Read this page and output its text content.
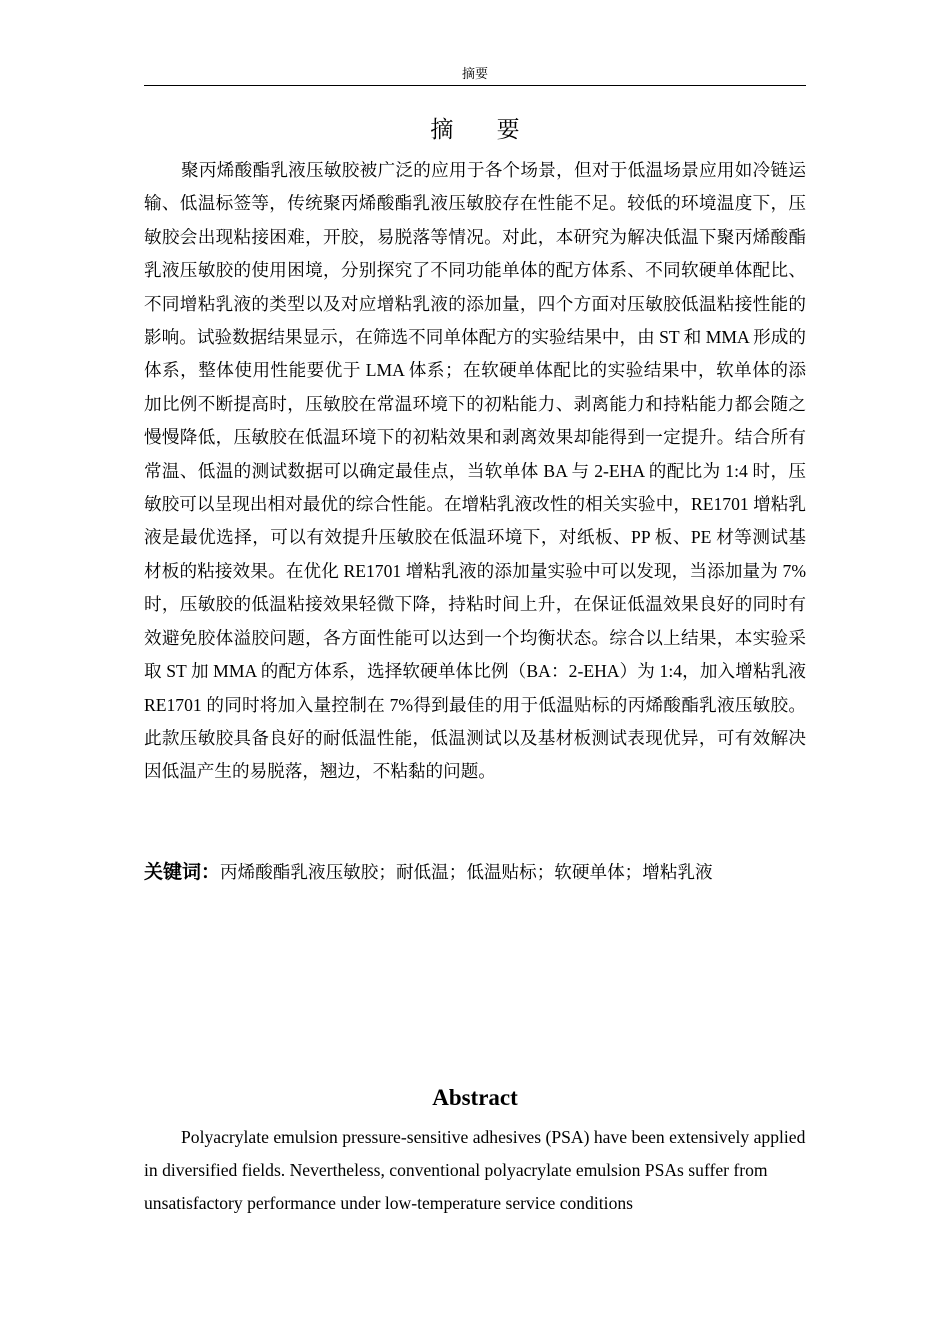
摘要
摘 要

聚丙烯酸酯乳液压敏胶被广泛的应用于各个场景，但对于低温场景应用如冷链运输、低温标签等，传统聚丙烯酸酯乳液压敏胶存在性能不足。较低的环境温度下，压敏胶会出现粘接困难，开胶，易脱落等情况。对此，本研究为解决低温下聚丙烯酸酯乳液压敏胶的使用困境，分别探究了不同功能单体的配方体系、不同软硬单体配比、不同增粘乳液的类型以及对应增粘乳液的添加量，四个方面对压敏胶低温粘接性能的影响。试验数据结果显示，在筛选不同单体配方的实验结果中，由 ST 和 MMA 形成的体系，整体使用性能要优于 LMA 体系；在软硬单体配比的实验结果中，软单体的添加比例不断提高时，压敏胶在常温环境下的初粘能力、剥离能力和持粘能力都会随之慢慢降低，压敏胶在低温环境下的初粘效果和剥离效果却能得到一定提升。结合所有常温、低温的测试数据可以确定最佳点，当软单体 BA 与 2-EHA 的配比为 1:4 时，压敏胶可以呈现出相对最优的综合性能。在增粘乳液改性的相关实验中，RE1701 增粘乳液是最优选择，可以有效提升压敏胶在低温环境下，对纸板、PP 板、PE 材等测试基材板的粘接效果。在优化 RE1701 增粘乳液的添加量实验中可以发现，当添加量为 7%时，压敏胶的低温粘接效果轻微下降，持粘时间上升，在保证低温效果良好的同时有效避免胶体溢胶问题，各方面性能可以达到一个均衡状态。综合以上结果，本实验采取 ST 加 MMA 的配方体系，选择软硬单体比例（BA：2-EHA）为 1:4，加入增粘乳液 RE1701 的同时将加入量控制在 7%得到最佳的用于低温贴标的丙烯酸酯乳液压敏胶。此款压敏胶具备良好的耐低温性能，低温测试以及基材板测试表现优异，可有效解决因低温产生的易脱落，翘边，不粘黏的问题。

关键词：丙烯酸酯乳液压敏胶；耐低温；低温贴标；软硬单体；增粘乳液
Abstract

Polyacrylate emulsion pressure-sensitive adhesives (PSA) have been extensively applied in diversified fields. Nevertheless, conventional polyacrylate emulsion PSAs suffer from unsatisfactory performance under low-temperature service conditions
